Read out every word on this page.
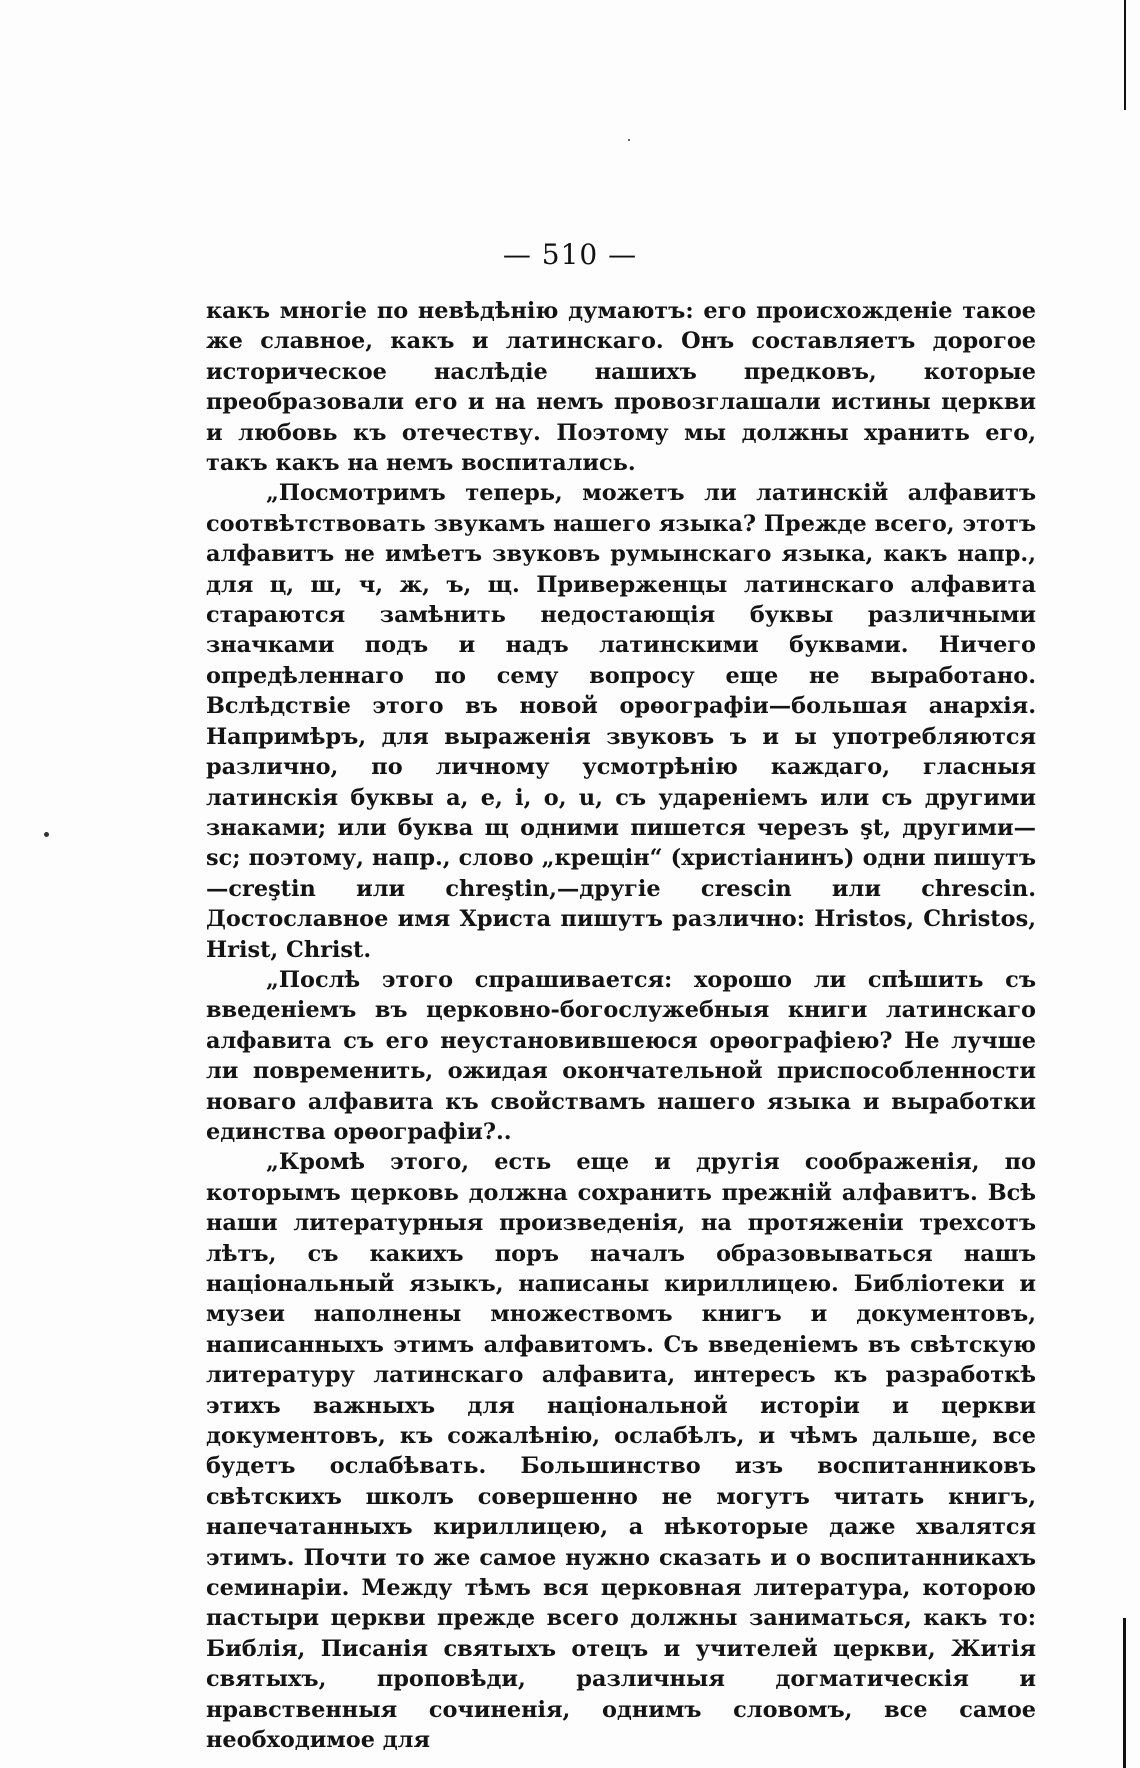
— 510 —

какъ многіе по невѣдѣнію думаютъ: его происхожденіе такое же славное, какъ и латинскаго. Онъ составляетъ дорогое историческое наслѣдіе нашихъ предковъ, которые преобразовали его и на немъ провозглашали истины церкви и любовь къ отечеству. Поэтому мы должны хранить его, такъ какъ на немъ воспитались.

„Посмотримъ теперь, можетъ ли латинскій алфавитъ соотвѣтствовать звукамъ нашего языка? Прежде всего, этотъ алфавитъ не имѣетъ звуковъ румынскаго языка, какъ напр., для ц, ш, ч, ж, ъ, щ. Приверженцы латинскаго алфавита стараются замѣнить недостающія буквы различными значками подъ и надъ латинскими буквами. Ничего опредѣленнаго по сему вопросу еще не выработано. Вслѣдствіе этого въ новой орѳографіи—большая анархія. Напримѣръ, для выраженія звуковъ ъ и ы употребляются различно, по личному усмотрѣнію каждаго, гласныя латинскія буквы a, e, i, o, u, съ удареніемъ или съ другими знаками; или буква щ одними пишется черезъ şt, другими—sc; поэтому, напр., слово „крещін“ (христіанинъ) одни пишутъ—creştin или chreştin,—другіе crescin или chrescin. Достославное имя Христа пишутъ различно: Hristos, Christos, Hrist, Christ.

„Послѣ этого спрашивается: хорошо ли спѣшить съ введеніемъ въ церковно-богослужебныя книги латинскаго алфавита съ его неустановившеюся орѳографіею? Не лучше ли повременить, ожидая окончательной приспособленности новаго алфавита къ свойствамъ нашего языка и выработки единства орѳографіи?..

„Кромѣ этого, есть еще и другія соображенія, по которымъ церковь должна сохранить прежній алфавитъ. Всѣ наши литературныя произведенія, на протяженіи трехсотъ лѣтъ, съ какихъ поръ началъ образовываться нашъ національный языкъ, написаны кириллицею. Библіотеки и музеи наполнены множествомъ книгъ и документовъ, написанныхъ этимъ алфавитомъ. Съ введеніемъ въ свѣтскую литературу латинскаго алфавита, интересъ къ разработкѣ этихъ важныхъ для національной исторіи и церкви документовъ, къ сожалѣнію, ослабѣлъ, и чѣмъ дальше, все будетъ ослабѣвать. Большинство изъ воспитанниковъ свѣтскихъ школъ совершенно не могутъ читать книгъ, напечатанныхъ кириллицею, а нѣкоторые даже хвалятся этимъ. Почти то же самое нужно сказать и о воспитанникахъ семинаріи. Между тѣмъ вся церковная литература, которою пастыри церкви прежде всего должны заниматься, какъ то: Библія, Писанія святыхъ отецъ и учителей церкви, Житія святыхъ, проповѣди, различныя догматическія и нравственныя сочиненія, однимъ словомъ, все самое необходимое для
